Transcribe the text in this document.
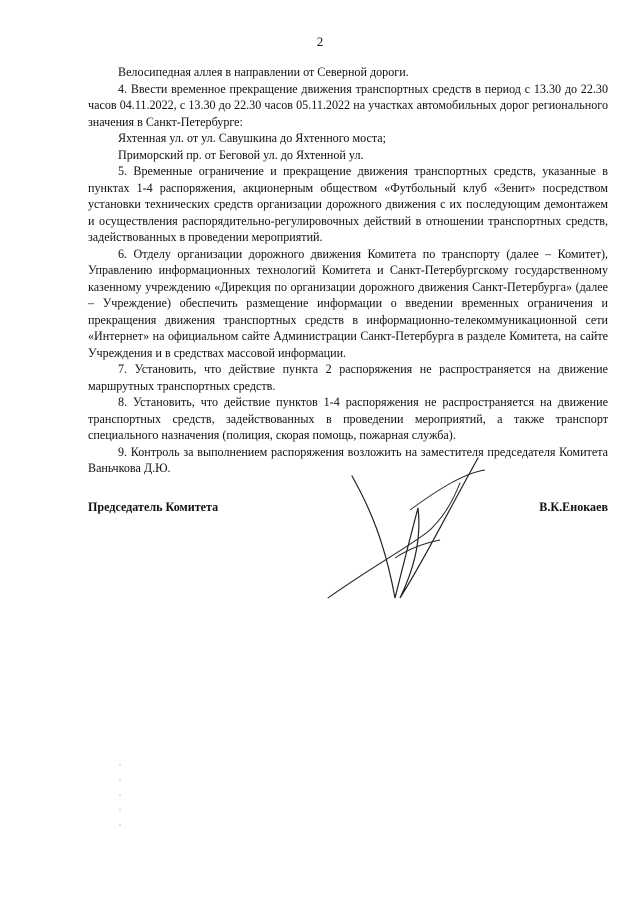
2

Велосипедная аллея в направлении от Северной дороги.

4. Ввести временное прекращение движения транспортных средств в период с 13.30 до 22.30 часов 04.11.2022, с 13.30 до 22.30 часов 05.11.2022 на участках автомобильных дорог регионального значения в Санкт-Петербурге:

Яхтенная ул. от ул. Савушкина до Яхтенного моста;

Приморский пр. от Беговой ул. до Яхтенной ул.

5. Временные ограничение и прекращение движения транспортных средств, указанные в пунктах 1-4 распоряжения, акционерным обществом «Футбольный клуб «Зенит» посредством установки технических средств организации дорожного движения с их последующим демонтажем и осуществления распорядительно-регулировочных действий в отношении транспортных средств, задействованных в проведении мероприятий.

6. Отделу организации дорожного движения Комитета по транспорту (далее – Комитет), Управлению информационных технологий Комитета и Санкт-Петербургскому государственному казенному учреждению «Дирекция по организации дорожного движения Санкт-Петербурга» (далее – Учреждение) обеспечить размещение информации о введении временных ограничения и прекращения движения транспортных средств в информационно-телекоммуникационной сети «Интернет» на официальном сайте Администрации Санкт-Петербурга в разделе Комитета, на сайте Учреждения и в средствах массовой информации.

7. Установить, что действие пункта 2 распоряжения не распространяется на движение маршрутных транспортных средств.

8. Установить, что действие пунктов 1-4 распоряжения не распространяется на движение транспортных средств, задействованных в проведении мероприятий, а также транспорт специального назначения (полиция, скорая помощь, пожарная служба).

9. Контроль за выполнением распоряжения возложить на заместителя председателя Комитета Ваньчкова Д.Ю.

Председатель Комитета	В.К.Енокаев
